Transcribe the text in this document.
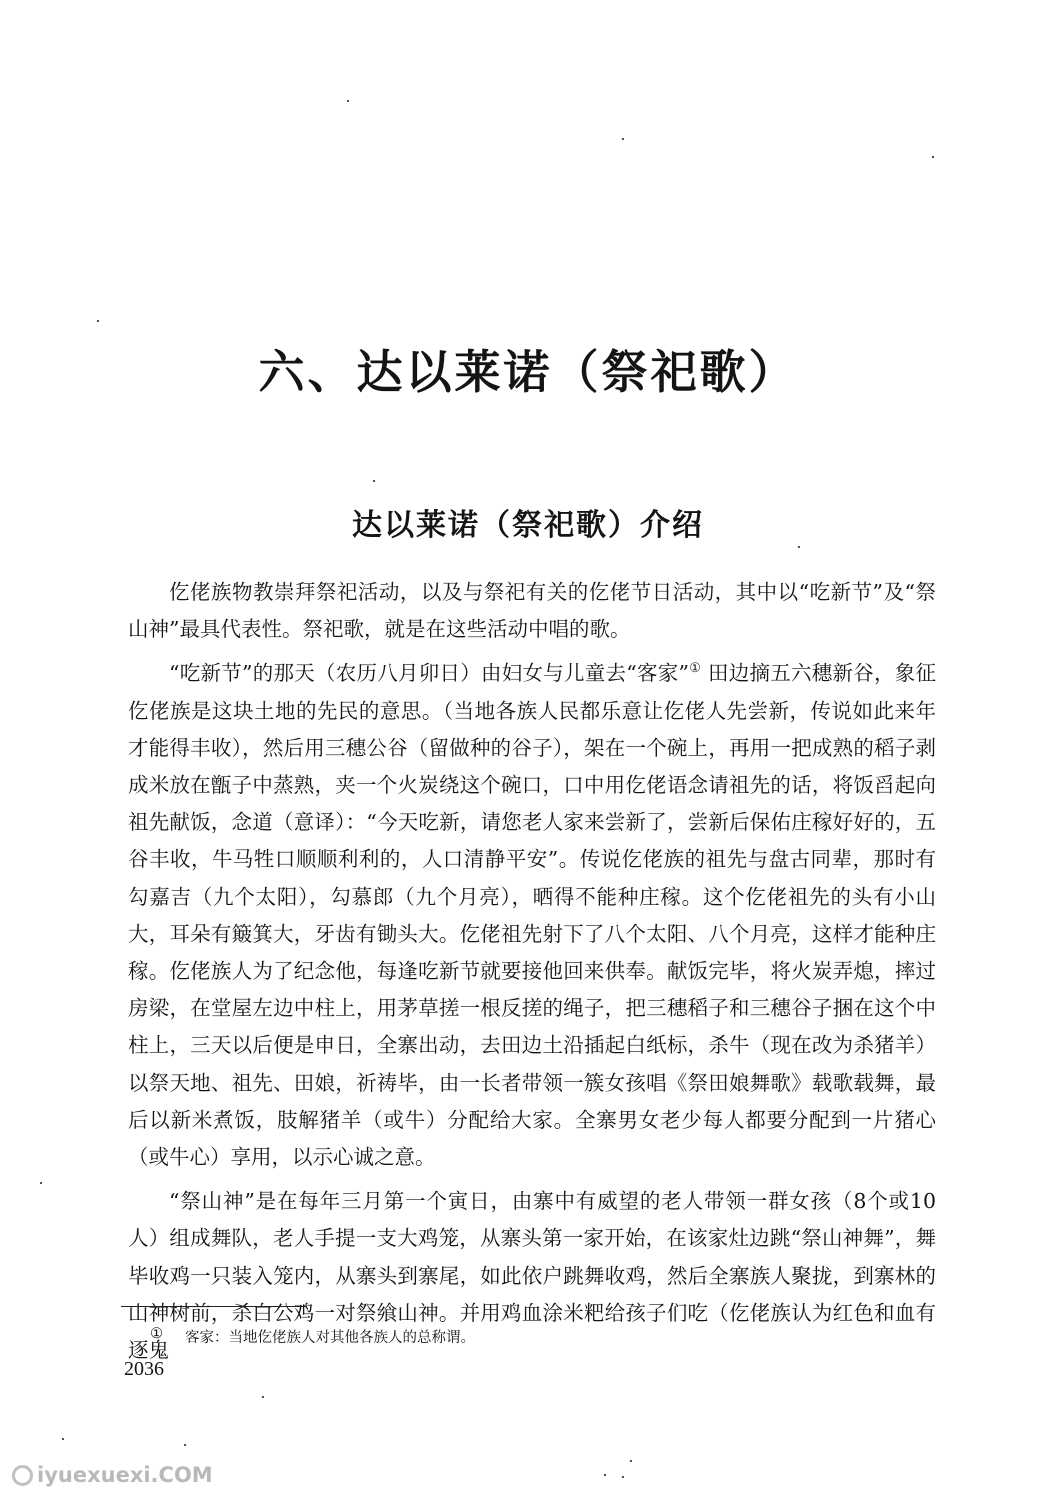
六、达以莱诺（祭祀歌）
达以莱诺（祭祀歌）介绍

仡佬族物教崇拜祭祀活动，以及与祭祀有关的仡佬节日活动，其中以“吃新节”及“祭山神”最具代表性。祭祀歌，就是在这些活动中唱的歌。

“吃新节”的那天（农历八月卯日）由妇女与儿童去“客家”① 田边摘五六穗新谷，象征仡佬族是这块土地的先民的意思。（当地各族人民都乐意让仡佬人先尝新，传说如此来年才能得丰收），然后用三穗公谷（留做种的谷子），架在一个碗上，再用一把成熟的稻子剥成米放在甑子中蒸熟，夹一个火炭绕这个碗口，口中用仡佬语念请祖先的话，将饭舀起向祖先献饭，念道（意译）：“今天吃新，请您老人家来尝新了，尝新后保佑庄稼好好的，五谷丰收，牛马牲口顺顺利利的，人口清静平安”。传说仡佬族的祖先与盘古同辈，那时有勾嘉吉（九个太阳），勾慕郎（九个月亮），晒得不能种庄稼。这个仡佬祖先的头有小山大，耳朵有簸箕大，牙齿有锄头大。仡佬祖先射下了八个太阳、八个月亮，这样才能种庄稼。仡佬族人为了纪念他，每逢吃新节就要接他回来供奉。献饭完毕，将火炭弄熄，摔过房梁，在堂屋左边中柱上，用茅草搓一根反搓的绳子，把三穗稻子和三穗谷子捆在这个中柱上，三天以后便是申日，全寨出动，去田边土沿插起白纸标，杀牛（现在改为杀猪羊）以祭天地、祖先、田娘，祈祷毕，由一长者带领一簇女孩唱《祭田娘舞歌》载歌载舞，最后以新米煮饭，肢解猪羊（或牛）分配给大家。全寨男女老少每人都要分配到一片猪心（或牛心）享用，以示心诚之意。

“祭山神”是在每年三月第一个寅日，由寨中有威望的老人带领一群女孩（8个或10人）组成舞队，老人手提一支大鸡笼，从寨头第一家开始，在该家灶边跳“祭山神舞”，舞毕收鸡一只装入笼内，从寨头到寨尾，如此依户跳舞收鸡，然后全寨族人聚拢，到寨林的山神树前，杀白公鸡一对祭飨山神。并用鸡血涂米粑给孩子们吃（仡佬族认为红色和血有逐鬼

① 客家：当地仡佬族人对其他各族人的总称谓。
2036
iyuexuexi.COM
